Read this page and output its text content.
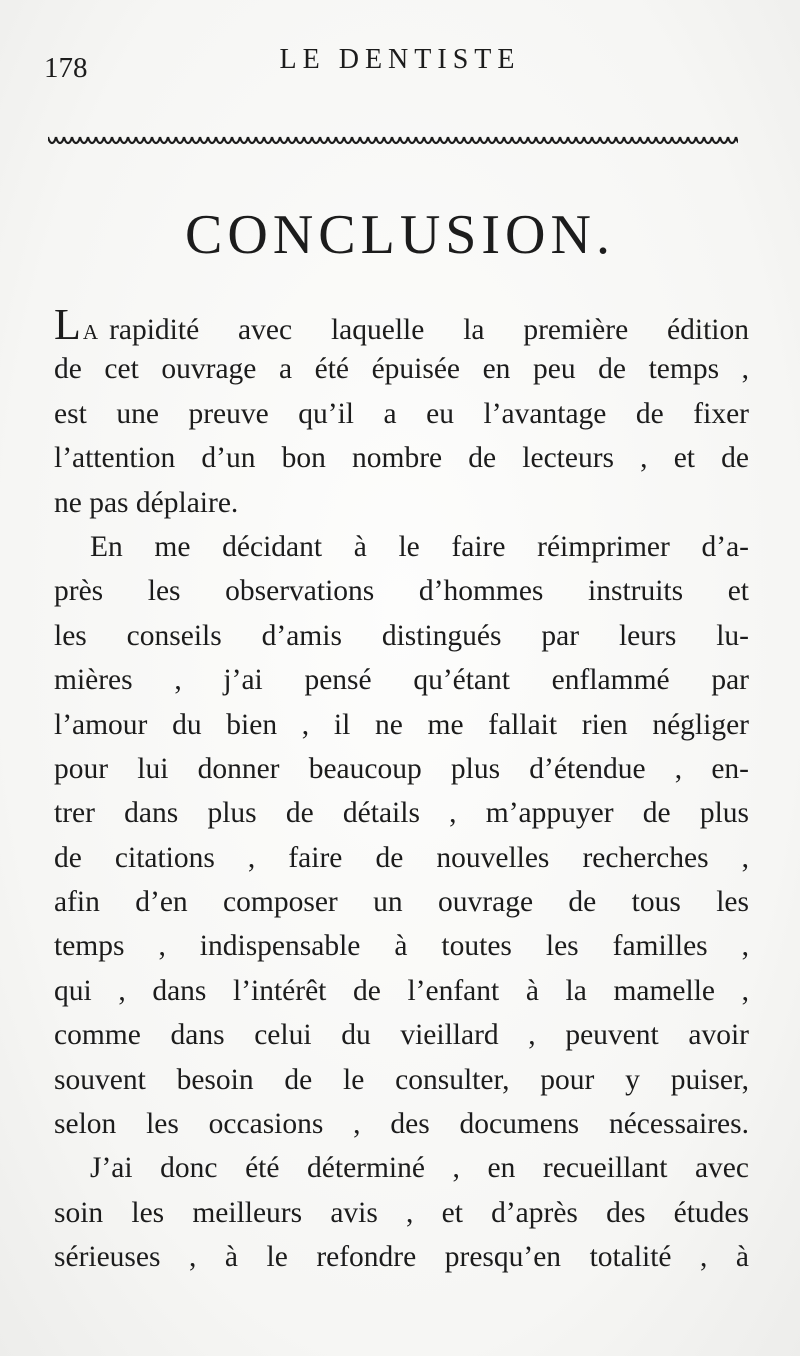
178	LE DENTISTE
CONCLUSION.
L A rapidité avec laquelle la première édition
de cet ouvrage a été épuisée en peu de temps ,
est une preuve qu’il a eu l’avantage de fixer
l’attention d’un bon nombre de lecteurs , et de
ne pas déplaire.
En me décidant à le faire réimprimer d’a-
près les observations d’hommes instruits et
les conseils d’amis distingués par leurs lu-
mières , j’ai pensé qu’étant enflammé par
l’amour du bien , il ne me fallait rien négliger
pour lui donner beaucoup plus d’étendue , en-
trer dans plus de détails , m’appuyer de plus
de citations , faire de nouvelles recherches ,
afin d’en composer un ouvrage de tous les
temps , indispensable à toutes les familles ,
qui , dans l’intérêt de l’enfant à la mamelle ,
comme dans celui du vieillard , peuvent avoir
souvent besoin de le consulter, pour y puiser,
selon les occasions , des documens nécessaires.
J’ai donc été déterminé , en recueillant avec
soin les meilleurs avis , et d’après des études
sérieuses , à le refondre presqu’en totalité , à
